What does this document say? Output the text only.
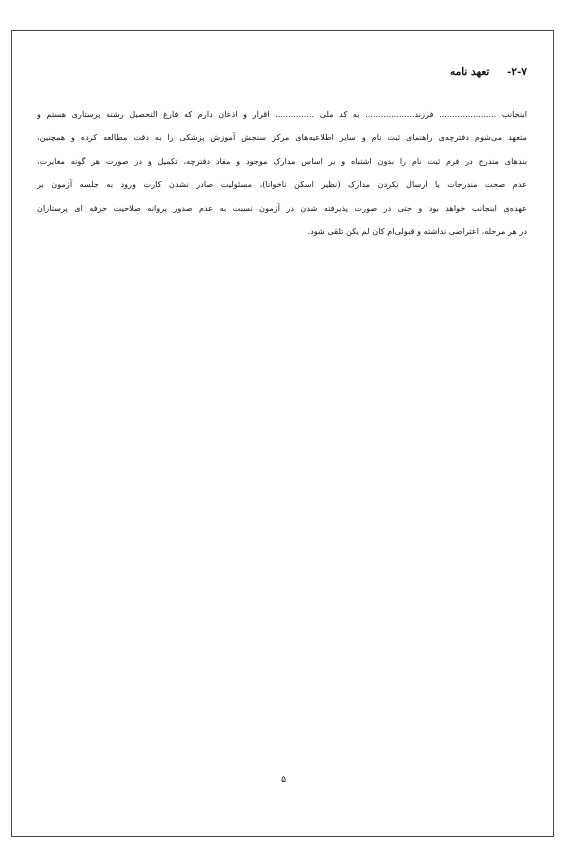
۲-۷- تعهد نامه
اینجانب ...................... فرزند................... به کد ملی ............... اقرار و اذعان دارم که فارغ التحصیل رشته پرستاری هستم و
متعهد می‌شوم دفترچه‌ی راهنمای ثبت نام و سایر اطلاعیه‌های مرکز سنجش آموزش پزشکی را به دقت مطالعه کرده و همچنین،
بندهای مندرج در فرم ثبت نام را بدون اشتباه و بر اساس مدارک موجود و مفاد دفترچه، تکمیل و در صورت هر گونه مغایرت،
عدم صحت مندرجات یا ارسال نکردن مدارک (نظیر اسکن ناخوانا)، مسئولیت صادر نشدن کارت ورود به جلسه آزمون بر
عهده‌ی اینجانب خواهد بود و حتی در صورت پذیرفته شدن در آزمون نسبت به عدم صدور پروانه صلاحیت حرفه ای پرستاران
در هر مرحله، اعتراضی نداشته و قبولی‌ام کان لم یکن تلقی شود.
۵
